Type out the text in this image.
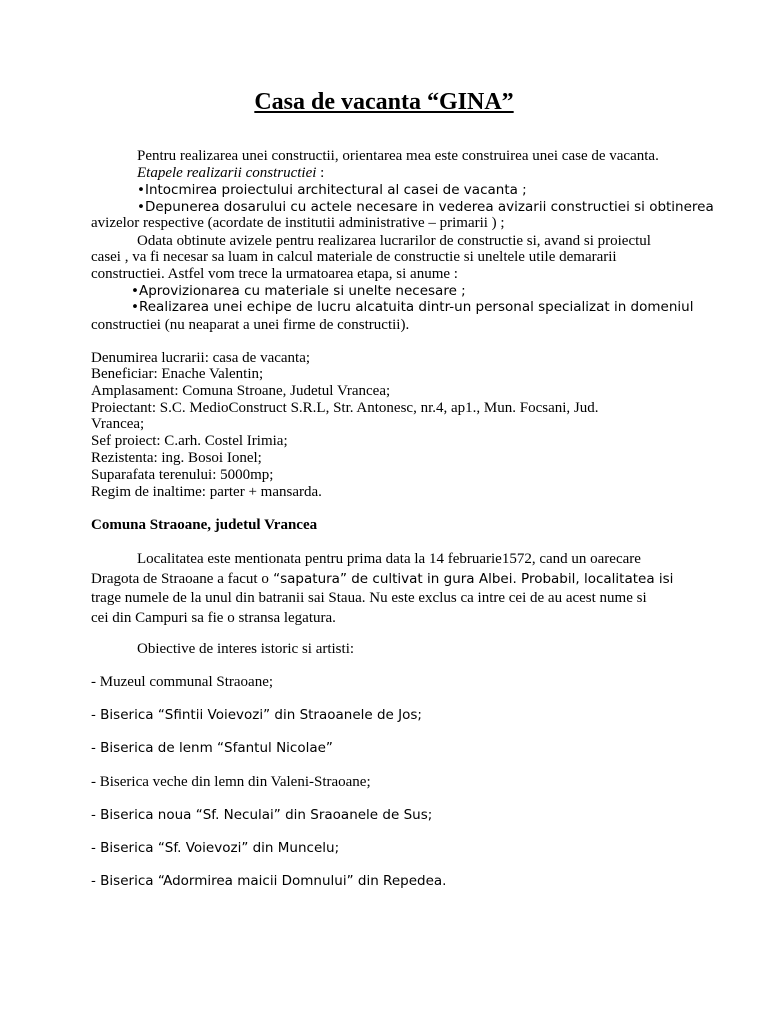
Casa de vacanta “GINA”
Pentru realizarea unei constructii, orientarea mea este construirea unei case de vacanta.
Etapele realizarii constructiei :
•Intocmirea proiectului architectural al casei de vacanta ;
•Depunerea dosarului cu actele necesare in vederea avizarii constructiei si obtinerea
avizelor respective (acordate de institutii administrative – primarii ) ;
Odata obtinute avizele pentru realizarea lucrarilor de constructie si, avand si proiectul
casei , va fi necesar sa luam in calcul materiale de constructie si uneltele utile demararii
constructiei. Astfel vom trece la urmatoarea etapa, si anume :
•Aprovizionarea cu materiale si unelte necesare ;
•Realizarea unei echipe de lucru alcatuita dintr-un personal specializat in domeniul
constructiei (nu neaparat a unei firme de constructii).
Denumirea lucrarii: casa de vacanta;
Beneficiar: Enache Valentin;
Amplasament: Comuna Stroane, Judetul Vrancea;
Proiectant: S.C. MedioConstruct S.R.L, Str. Antonesc, nr.4, ap1., Mun. Focsani, Jud.
Vrancea;
Sef proiect: C.arh. Costel Irimia;
Rezistenta: ing. Bosoi Ionel;
Suparafata terenului: 5000mp;
Regim de inaltime: parter + mansarda.
Comuna Straoane, judetul Vrancea
Localitatea este mentionata pentru prima data la 14 februarie1572, cand un oarecare
Dragota de Straoane a facut o “sapatura” de cultivat in gura Albei. Probabil, localitatea isi
trage numele de la unul din batranii sai Staua. Nu este exclus ca intre cei de au acest nume si
cei din Campuri sa fie o stransa legatura.
Obiective de interes istoric si artisti:
- Muzeul communal Straoane;
- Biserica “Sfintii Voievozi” din Straoanele de Jos;
- Biserica de lenm “Sfantul Nicolae”
- Biserica veche din lemn din Valeni-Straoane;
- Biserica noua “Sf. Neculai” din Sraoanele de Sus;
- Biserica “Sf. Voievozi” din Muncelu;
- Biserica “Adormirea maicii Domnului” din Repedea.
